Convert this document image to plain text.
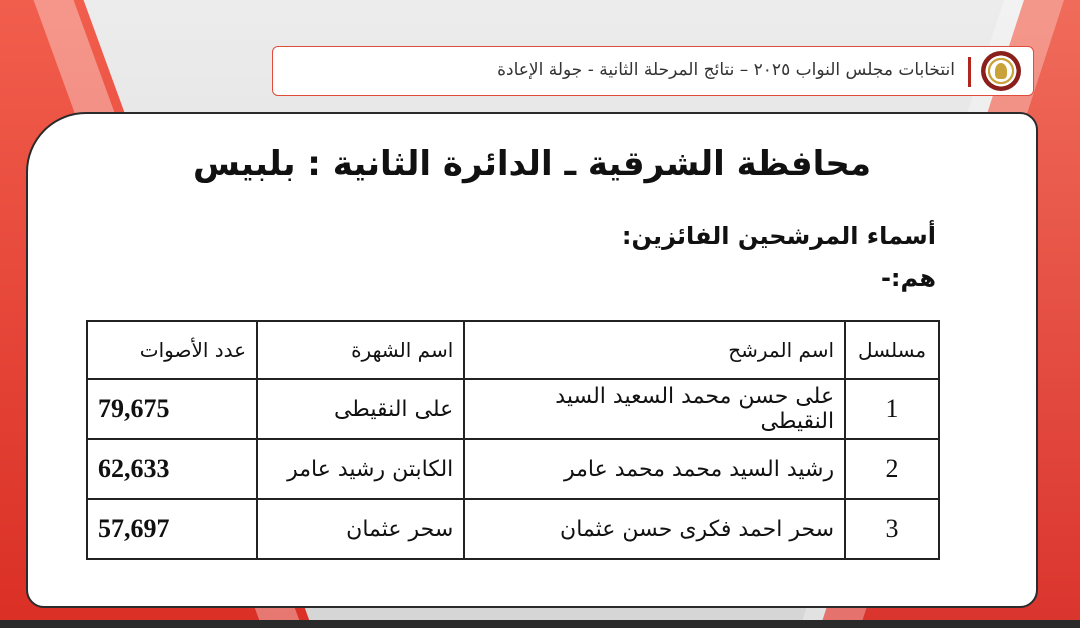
انتخابات مجلس النواب ٢٠٢٥ – نتائج المرحلة الثانية - جولة الإعادة
محافظة الشرقية ـ الدائرة الثانية : بلبيس
أسماء المرشحين الفائزين:
هم:-
مسلسل	اسم المرشح	اسم الشهرة	عدد الأصوات
1	على حسن محمد السعيد السيد النقيطى	على النقيطى	79,675
2	رشيد السيد محمد محمد عامر	الكابتن رشيد عامر	62,633
3	سحر احمد فكرى حسن عثمان	سحر عثمان	57,697
